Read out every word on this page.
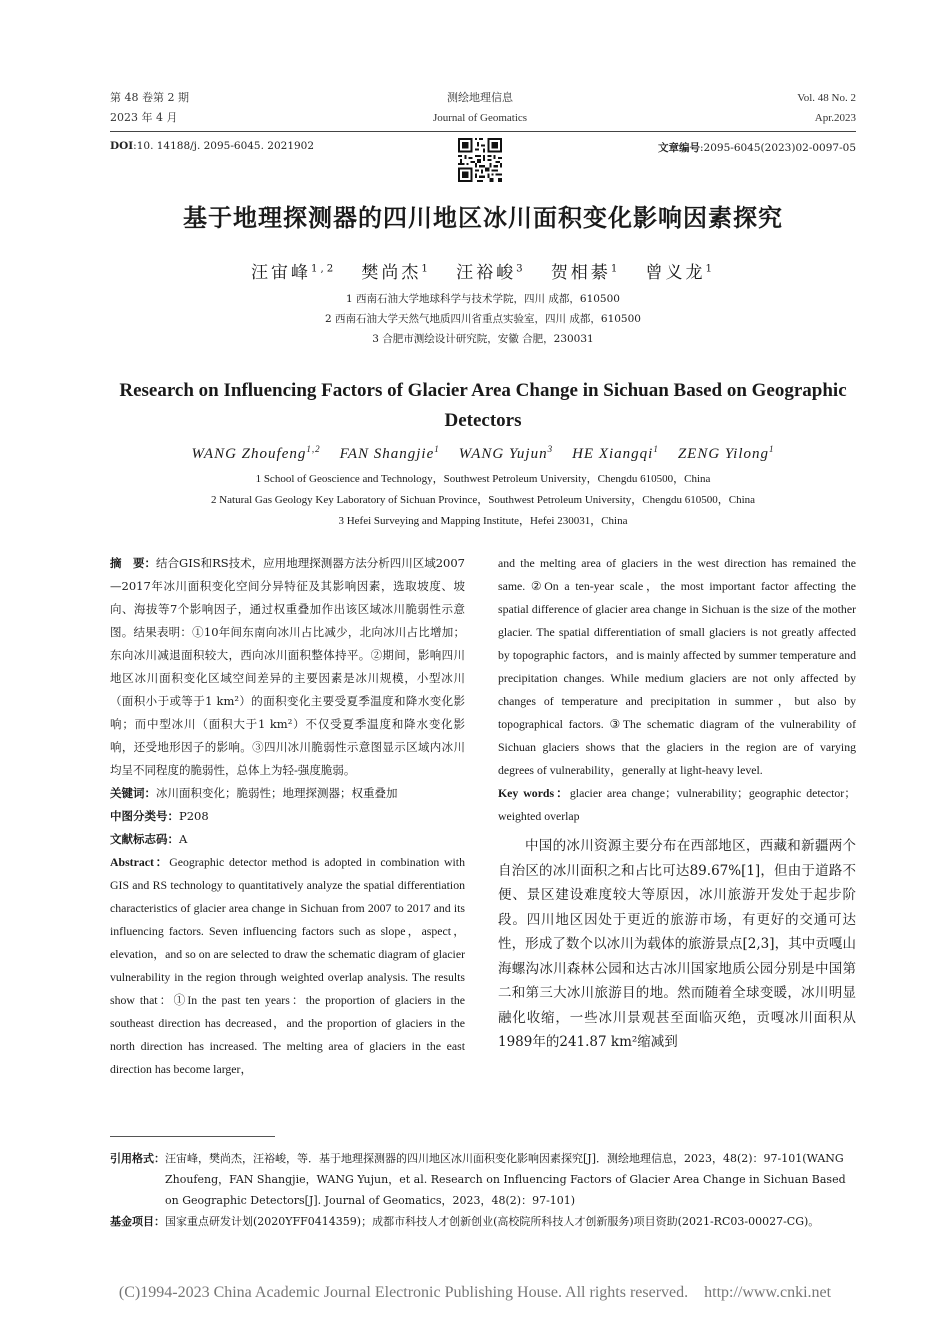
第 48 卷第 2 期
2023 年 4 月
测绘地理信息
Journal of Geomatics
Vol. 48 No. 2
Apr.2023
DOI:10. 14188/j. 2095-6045. 2021902	文章编号:2095-6045(2023)02-0097-05
基于地理探测器的四川地区冰川面积变化影响因素探究
汪宙峰$^{1,2}$ 樊尚杰$^1$ 汪裕峻$^3$ 贺相綦$^1$ 曾义龙$^1$
1 西南石油大学地球科学与技术学院，四川 成都，610500
2 西南石油大学天然气地质四川省重点实验室，四川 成都，610500
3 合肥市测绘设计研究院，安徽 合肥，230031
Research on Influencing Factors of Glacier Area Change in Sichuan Based on Geographic Detectors
WANG Zhoufeng$^{1,2}$ FAN Shangjie$^1$ WANG Yujun$^3$ HE Xiangqi$^1$ ZENG Yilong$^1$
1 School of Geoscience and Technology，Southwest Petroleum University，Chengdu 610500，China
2 Natural Gas Geology Key Laboratory of Sichuan Province，Southwest Petroleum University，Chengdu 610500，China
3 Hefei Surveying and Mapping Institute，Hefei 230031，China
摘　要：结合GIS和RS技术，应用地理探测器方法分析四川区域2007—2017年冰川面积变化空间分异特征及其影响因素，选取坡度、坡向、海拔等7个影响因子，通过权重叠加作出该区域冰川脆弱性示意图。结果表明：①10年间东南向冰川占比减少，北向冰川占比增加；东向冰川减退面积较大，西向冰川面积整体持平。②期间，影响四川地区冰川面积变化区域空间差异的主要因素是冰川规模，小型冰川（面积小于或等于1 km²）的面积变化主要受夏季温度和降水变化影响；而中型冰川（面积大于1 km²）不仅受夏季温度和降水变化影响，还受地形因子的影响。③四川冰川脆弱性示意图显示区域内冰川均呈不同程度的脆弱性，总体上为轻-强度脆弱。
关键词：冰川面积变化；脆弱性；地理探测器；权重叠加
中图分类号：P208
文献标志码：A
Abstract：Geographic detector method is adopted in combination with GIS and RS technology to quantitatively analyze the spatial differentiation characteristics of glacier area change in Sichuan from 2007 to 2017 and its influencing factors. Seven influencing factors such as slope，aspect，elevation，and so on are selected to draw the schematic diagram of glacier vulnerability in the region through weighted overlap analysis. The results show that：①In the past ten years：the proportion of glaciers in the southeast direction has decreased，and the proportion of glaciers in the north direction has increased. The melting area of glaciers in the east direction has become larger，
and the melting area of glaciers in the west direction has remained the same. ②On a ten-year scale，the most important factor affecting the spatial difference of glacier area change in Sichuan is the size of the mother glacier. The spatial differentiation of small glaciers is not greatly affected by topographic factors，and is mainly affected by summer temperature and precipitation changes. While medium glaciers are not only affected by changes of temperature and precipitation in summer，but also by topographical factors. ③The schematic diagram of the vulnerability of Sichuan glaciers shows that the glaciers in the region are of varying degrees of vulnerability，generally at light-heavy level.
Key words：glacier area change；vulnerability；geographic detector；weighted overlap
中国的冰川资源主要分布在西部地区，西藏和新疆两个自治区的冰川面积之和占比可达89.67%[1]，但由于道路不便、景区建设难度较大等原因，冰川旅游开发处于起步阶段。四川地区因处于更近的旅游市场，有更好的交通可达性，形成了数个以冰川为载体的旅游景点[2,3]，其中贡嘎山海螺沟冰川森林公园和达古冰川国家地质公园分别是中国第二和第三大冰川旅游目的地。然而随着全球变暖，冰川明显融化收缩，一些冰川景观甚至面临灭绝，贡嘎冰川面积从1989年的241.87 km²缩减到
引用格式： 汪宙峰，樊尚杰，汪裕峻，等．基于地理探测器的四川地区冰川面积变化影响因素探究[J]．测绘地理信息，2023，48(2)：97-101(WANG Zhoufeng，FAN Shangjie，WANG Yujun，et al. Research on Influencing Factors of Glacier Area Change in Sichuan Based on Geographic Detectors[J]. Journal of Geomatics，2023，48(2)：97-101)
基金项目： 国家重点研发计划(2020YFF0414359)；成都市科技人才创新创业(高校院所科技人才创新服务)项目资助(2021-RC03-00027-CG)。
(C)1994-2023 China Academic Journal Electronic Publishing House. All rights reserved.    http://www.cnki.net
